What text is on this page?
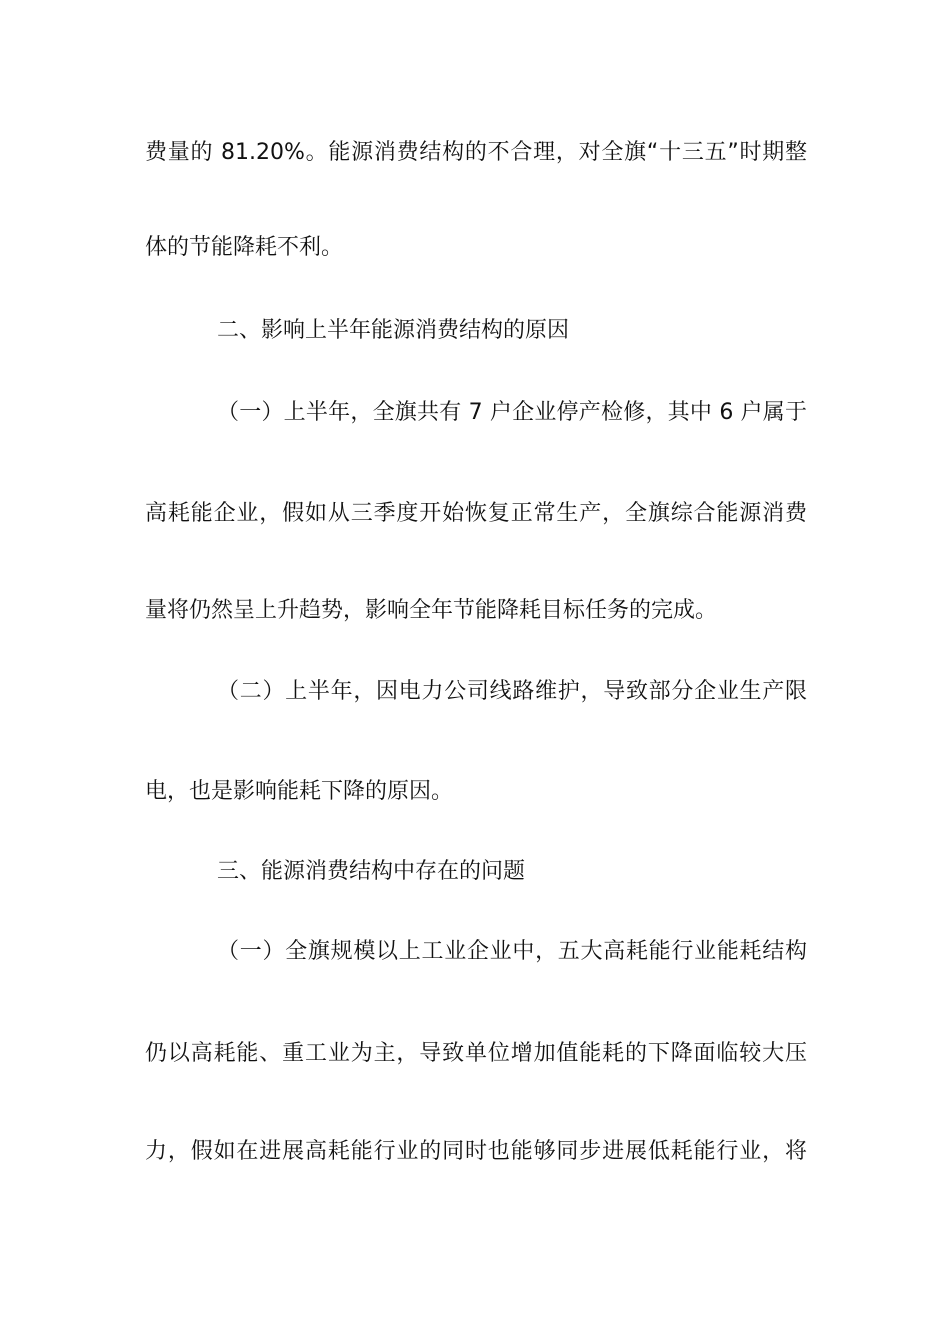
费量的 81.20%。能源消费结构的不合理，对全旗“十三五”时期整
体的节能降耗不利。
二、影响上半年能源消费结构的原因
（一）上半年，全旗共有 7 户企业停产检修，其中 6 户属于
高耗能企业，假如从三季度开始恢复正常生产，全旗综合能源消费
量将仍然呈上升趋势，影响全年节能降耗目标任务的完成。
（二）上半年，因电力公司线路维护，导致部分企业生产限
电，也是影响能耗下降的原因。
三、能源消费结构中存在的问题
（一）全旗规模以上工业企业中，五大高耗能行业能耗结构
仍以高耗能、重工业为主，导致单位增加值能耗的下降面临较大压
力，假如在进展高耗能行业的同时也能够同步进展低耗能行业，将
